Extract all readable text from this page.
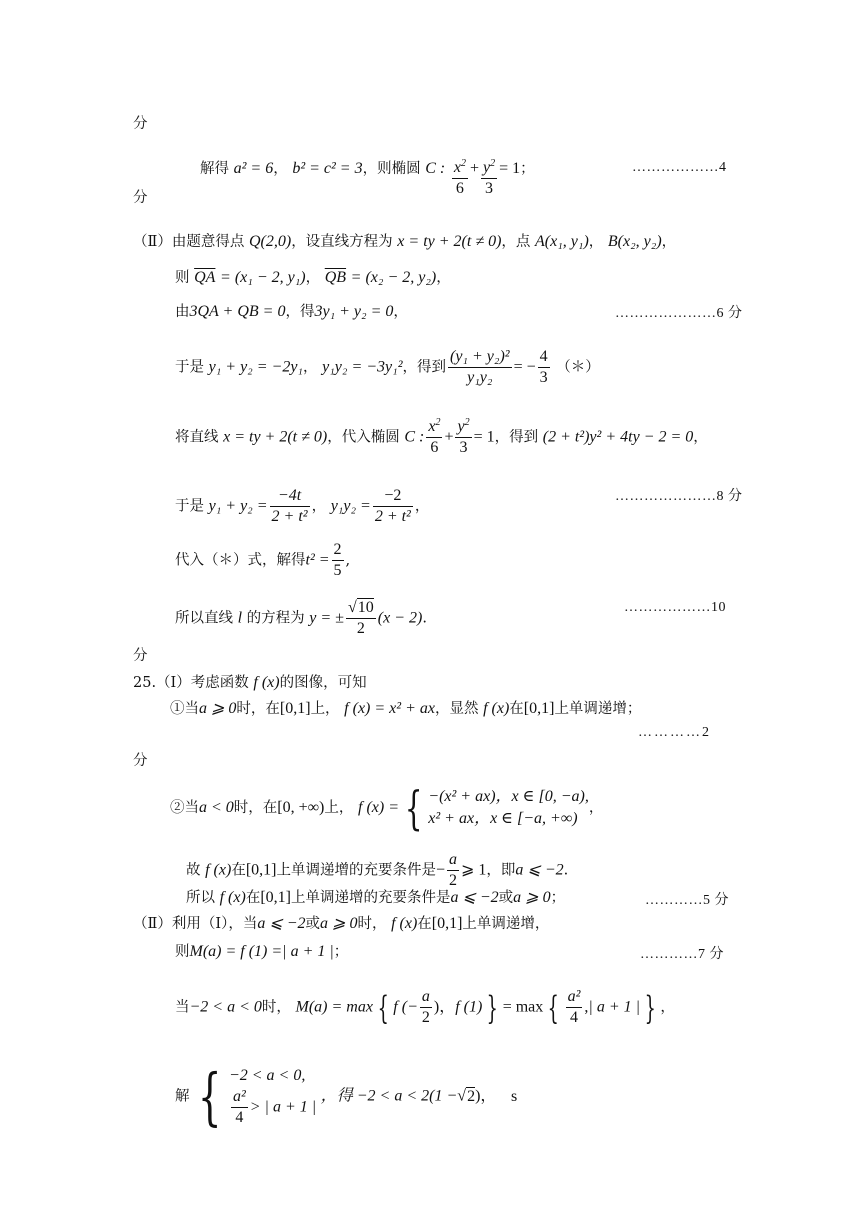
分
解得 a² = 6， b² = c² = 3，则椭圆 C : $\frac{x^2}{6} + \frac{y^2}{3} = 1$；	………………4
分
（Ⅱ）由题意得点 Q(2,0)，设直线方程为 x = ty + 2(t ≠ 0)，点 A(x₁, y₁)， B(x₂, y₂)，
则 $\overline{QA} = (x_1 - 2$, y₁)， $\overline{QB} = (x_2 - 2$, y₂)，
由3QA + QB = 0，得3y₁ + y₂ = 0，	…………………6 分
于是 y₁ + y₂ = −2y₁， y₁y₂ = −3y₁²，得到 $\frac{\text{(y₁ + y₂)²}}{\text{y₁y₂}}$ = − $\frac{4}{3}$ （＊）
将直线 x = ty + 2(t ≠ 0)，代入椭圆 C : $\frac{x^2}{6} + \frac{y^2}{3} = 1$，得到 (2 + t²)y² + 4ty − 2 = 0，
于是 $y_1 + y_2 = \frac{-4t}{\text{2 + t²}}$ ， $y_1y_2 = \frac{-2}{\text{2 + t²}}$ ，
…………………8 分
代入（＊）式，解得$t^2 = \frac{2}{5}$ ,
所以直线 l 的方程为 y = ± $\frac{√10}{2} (x - 2)$.
………………10
分
25.（Ⅰ）考虑函数 f (x)的图像，可知
①当a ⩾ 0时，在[0,1]上， f (x) = x² + ax，显然 f (x)在[0,1]上单调递增；
…………2
分
②当a < 0时，在[0, +∞)上， f (x) = { −(x² + ax)，x ∈ [0, −a),
x² + ax，x ∈ [−a, +∞)
，
故 f (x)在[0,1]上单调递增的充要条件是− $\frac{a}{2}$ ⩾ 1，即a ⩽ −2.
所以 f (x)在[0,1]上单调递增的充要条件是a ⩽ −2或a ⩾ 0；	…………5 分
（Ⅱ）利用（Ⅰ），当a ⩽ −2或a ⩾ 0时， f (x)在[0,1]上单调递增，
则M(a) = f (1) =| a + 1 |；	…………7 分
当−2 < a < 0时， M(a) = max { f (− $\frac{a}{2}$ )，f (1) } = max { $\frac{\text{a²}}{4}$ ,| a + 1 | } ，
解 { −2 < a < 0,
$\frac{\text{a²}}{4}$ > | a + 1 |
，得 −2 < a < 2(1 −√2)， s
